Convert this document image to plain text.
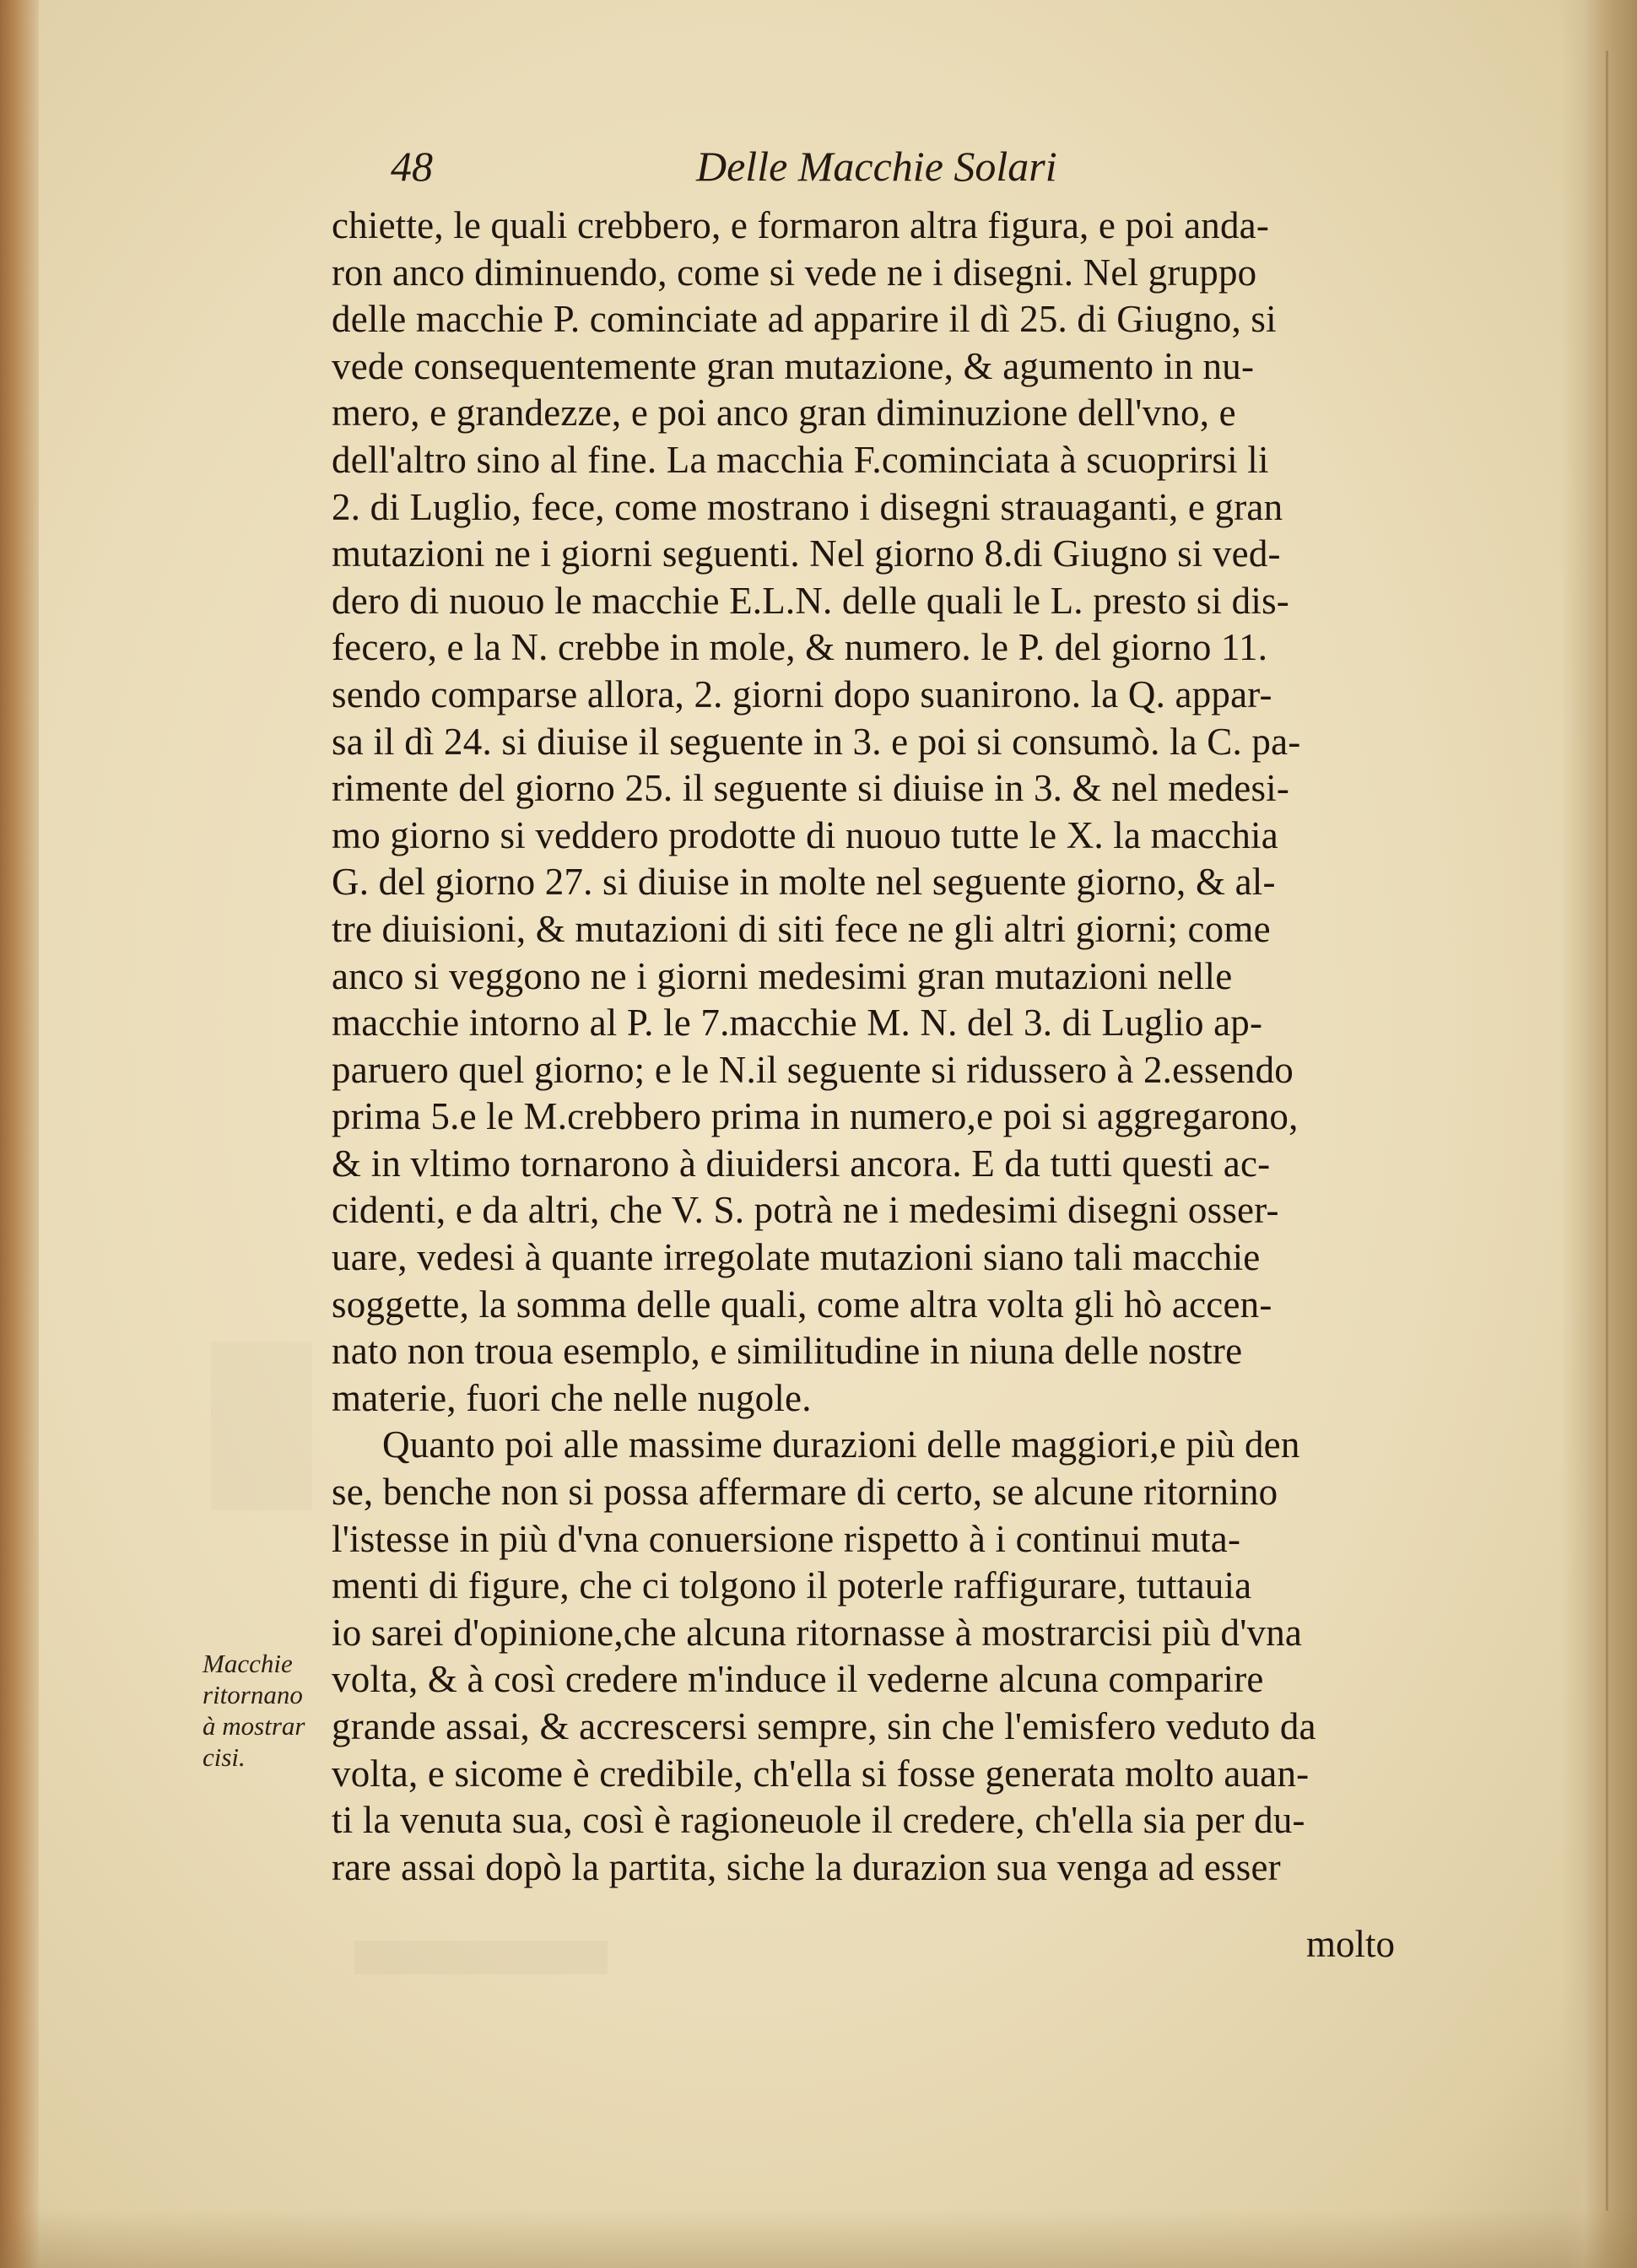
48	Delle Macchie Solari
chiette, le quali crebbero, e formaron altra figura, e poi anda-
ron anco diminuendo, come si vede ne i disegni. Nel gruppo
delle macchie P. cominciate ad apparire il dì 25. di Giugno, si
vede consequentemente gran mutazione, & agumento in nu-
mero, e grandezze, e poi anco gran diminuzione dell'vno, e
dell'altro sino al fine. La macchia F.cominciata à scuoprirsi li
2. di Luglio, fece, come mostrano i disegni strauaganti, e gran
mutazioni ne i giorni seguenti. Nel giorno 8.di Giugno si ved-
dero di nuouo le macchie E.L.N. delle quali le L. presto si dis-
fecero, e la N. crebbe in mole, & numero. le P. del giorno 11.
sendo comparse allora, 2. giorni dopo suanirono. la Q. appar-
sa il dì 24. si diuise il seguente in 3. e poi si consumò. la C. pa-
rimente del giorno 25. il seguente si diuise in 3. & nel medesi-
mo giorno si veddero prodotte di nuouo tutte le X. la macchia
G. del giorno 27. si diuise in molte nel seguente giorno, & al-
tre diuisioni, & mutazioni di siti fece ne gli altri giorni; come
anco si veggono ne i giorni medesimi gran mutazioni nelle
macchie intorno al P. le 7.macchie M. N. del 3. di Luglio ap-
paruero quel giorno; e le N.il seguente si ridussero à 2.essendo
prima 5.e le M.crebbero prima in numero,e poi si aggregarono,
& in vltimo tornarono à diuidersi ancora. E da tutti questi ac-
cidenti, e da altri, che V. S. potrà ne i medesimi disegni osser-
uare, vedesi à quante irregolate mutazioni siano tali macchie
soggette, la somma delle quali, come altra volta gli hò accen-
nato non troua esemplo, e similitudine in niuna delle nostre
materie, fuori che nelle nugole.
Quanto poi alle massime durazioni delle maggiori,e più den
se, benche non si possa affermare di certo, se alcune ritornino
l'istesse in più d'vna conuersione rispetto à i continui muta-
menti di figure, che ci tolgono il poterle raffigurare, tuttauia
io sarei d'opinione,che alcuna ritornasse à mostrarcisi più d'vna
volta, & à così credere m'induce il vederne alcuna comparire
grande assai, & accrescersi sempre, sin che l'emisfero veduto da
volta, e sicome è credibile, ch'ella si fosse generata molto auan-
ti la venuta sua, così è ragioneuole il credere, ch'ella sia per du-
rare assai dopò la partita, siche la durazion sua venga ad esser
molto
Macchie
ritornano
à mostrar
cisi.
